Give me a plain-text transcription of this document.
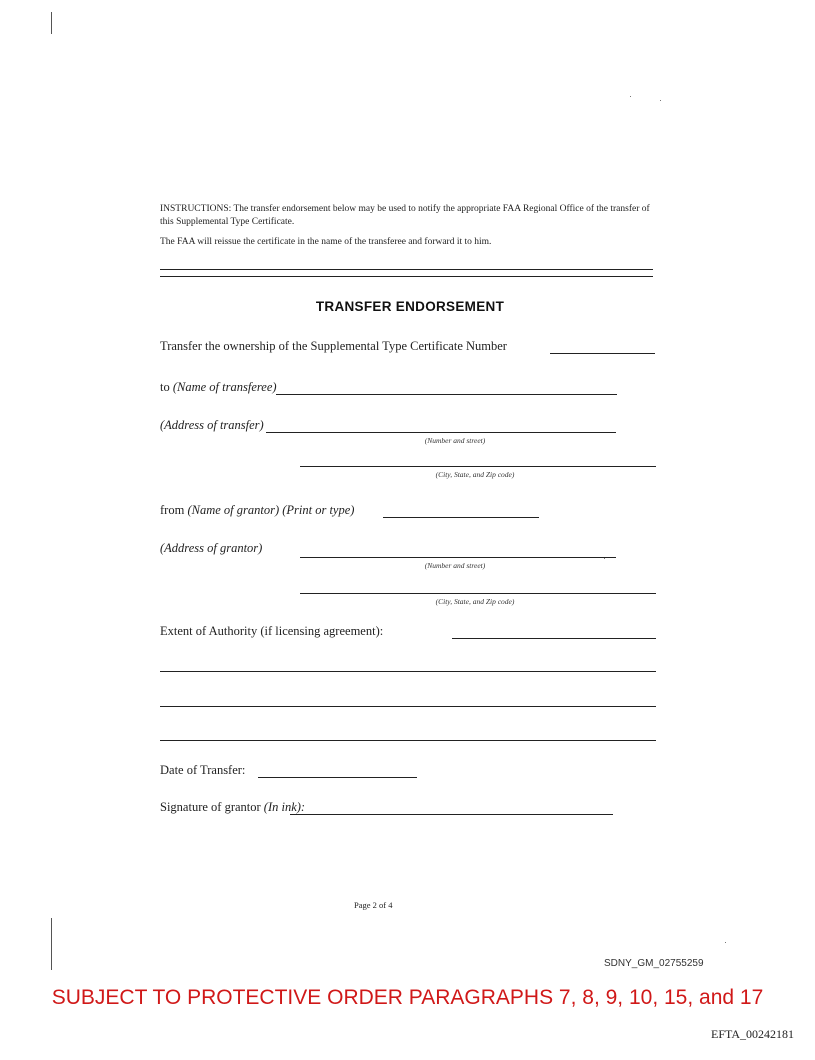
INSTRUCTIONS: The transfer endorsement below may be used to notify the appropriate FAA Regional Office of the transfer of this Supplemental Type Certificate.
The FAA will reissue the certificate in the name of the transferee and forward it to him.
TRANSFER ENDORSEMENT
Transfer the ownership of the Supplemental Type Certificate Number
to (Name of transferee)
(Address of transfer)
(Number and street)
(City, State, and Zip code)
from (Name of grantor) (Print or type)
(Address of grantor)
(Number and street)
(City, State, and Zip code)
Extent of Authority (if licensing agreement):
Date of Transfer:
Signature of grantor (In ink):
Page 2 of 4
SDNY_GM_02755259
SUBJECT TO PROTECTIVE ORDER PARAGRAPHS 7, 8, 9, 10, 15, and 17
EFTA_00242181
